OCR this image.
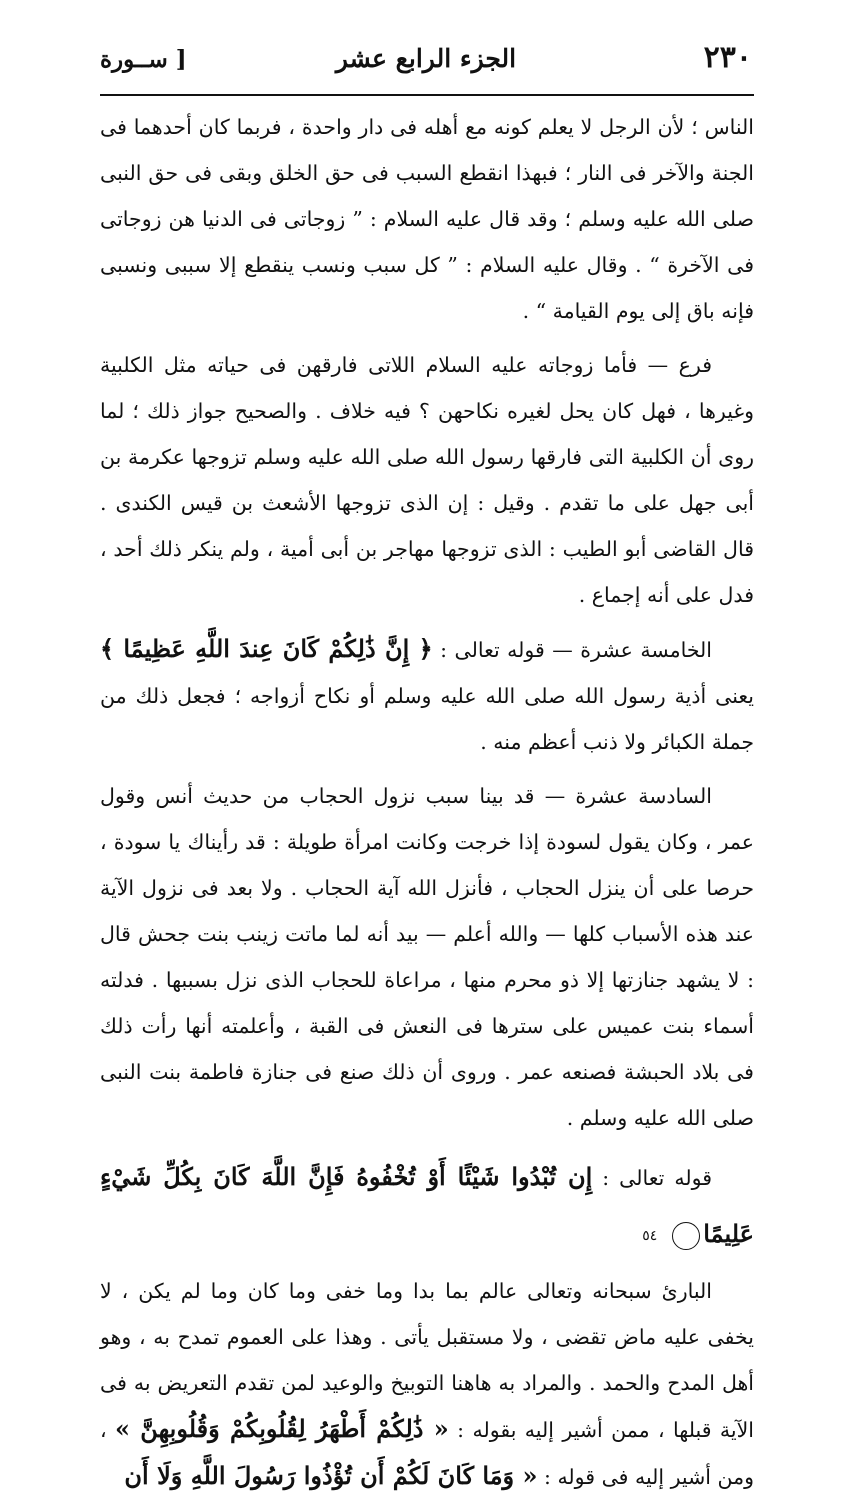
٢٣٠
الجزء الرابع عشر
[ ســورة

الناس ؛ لأن الرجل لا يعلم كونه مع أهله فى دار واحدة ، فربما كان أحدهما فى الجنة والآخر فى النار ؛ فبهذا انقطع السبب فى حق الخلق وبقى فى حق النبى صلى الله عليه وسلم ؛ وقد قال عليه السلام : ” زوجاتى فى الدنيا هن زوجاتى فى الآخرة “ . وقال عليه السلام : ” كل سبب ونسب ينقطع إلا سببى ونسبى فإنه باق إلى يوم القيامة “ .

فرع — فأما زوجاته عليه السلام اللاتى فارقهن فى حياته مثل الكلبية وغيرها ، فهل كان يحل لغيره نكاحهن ؟ فيه خلاف . والصحيح جواز ذلك ؛ لما روى أن الكلبية التى فارقها رسول الله صلى الله عليه وسلم تزوجها عكرمة بن أبى جهل على ما تقدم . وقيل : إن الذى تزوجها الأشعث بن قيس الكندى . قال القاضى أبو الطيب : الذى تزوجها مهاجر بن أبى أمية ، ولم ينكر ذلك أحد ، فدل على أنه إجماع .

الخامسة عشرة — قوله تعالى : ﴿ إِنَّ ذَٰلِكُمْ كَانَ عِندَ اللَّهِ عَظِيمًا ﴾ يعنى أذية رسول الله صلى الله عليه وسلم أو نكاح أزواجه ؛ فجعل ذلك من جملة الكبائر ولا ذنب أعظم منه .

السادسة عشرة — قد بينا سبب نزول الحجاب من حديث أنس وقول عمر ، وكان يقول لسودة إذا خرجت وكانت امرأة طويلة : قد رأيناك يا سودة ، حرصا على أن ينزل الحجاب ، فأنزل الله آية الحجاب . ولا بعد فى نزول الآية عند هذه الأسباب كلها — والله أعلم — بيد أنه لما ماتت زينب بنت جحش قال : لا يشهد جنازتها إلا ذو محرم منها ، مراعاة للحجاب الذى نزل بسببها . فدلته أسماء بنت عميس على سترها فى النعش فى القبة ، وأعلمته أنها رأت ذلك فى بلاد الحبشة فصنعه عمر . وروى أن ذلك صنع فى جنازة فاطمة بنت النبى صلى الله عليه وسلم .

قوله تعالى : إِن تُبْدُوا شَيْئًا أَوْ تُخْفُوهُ فَإِنَّ اللَّهَ كَانَ بِكُلِّ شَيْءٍ عَلِيمًا٥٤

البارئ سبحانه وتعالى عالم بما بدا وما خفى وما كان وما لم يكن ، لا يخفى عليه ماض تقضى ، ولا مستقبل يأتى . وهذا على العموم تمدح به ، وهو أهل المدح والحمد . والمراد به هاهنا التوبيخ والوعيد لمن تقدم التعريض به فى الآية قبلها ، ممن أشير إليه بقوله : « ذَٰلِكُمْ أَطْهَرُ لِقُلُوبِكُمْ وَقُلُوبِهِنَّ » ، ومن أشير إليه فى قوله : « وَمَا كَانَ لَكُمْ أَن تُؤْذُوا رَسُولَ اللَّهِ وَلَا أَن
